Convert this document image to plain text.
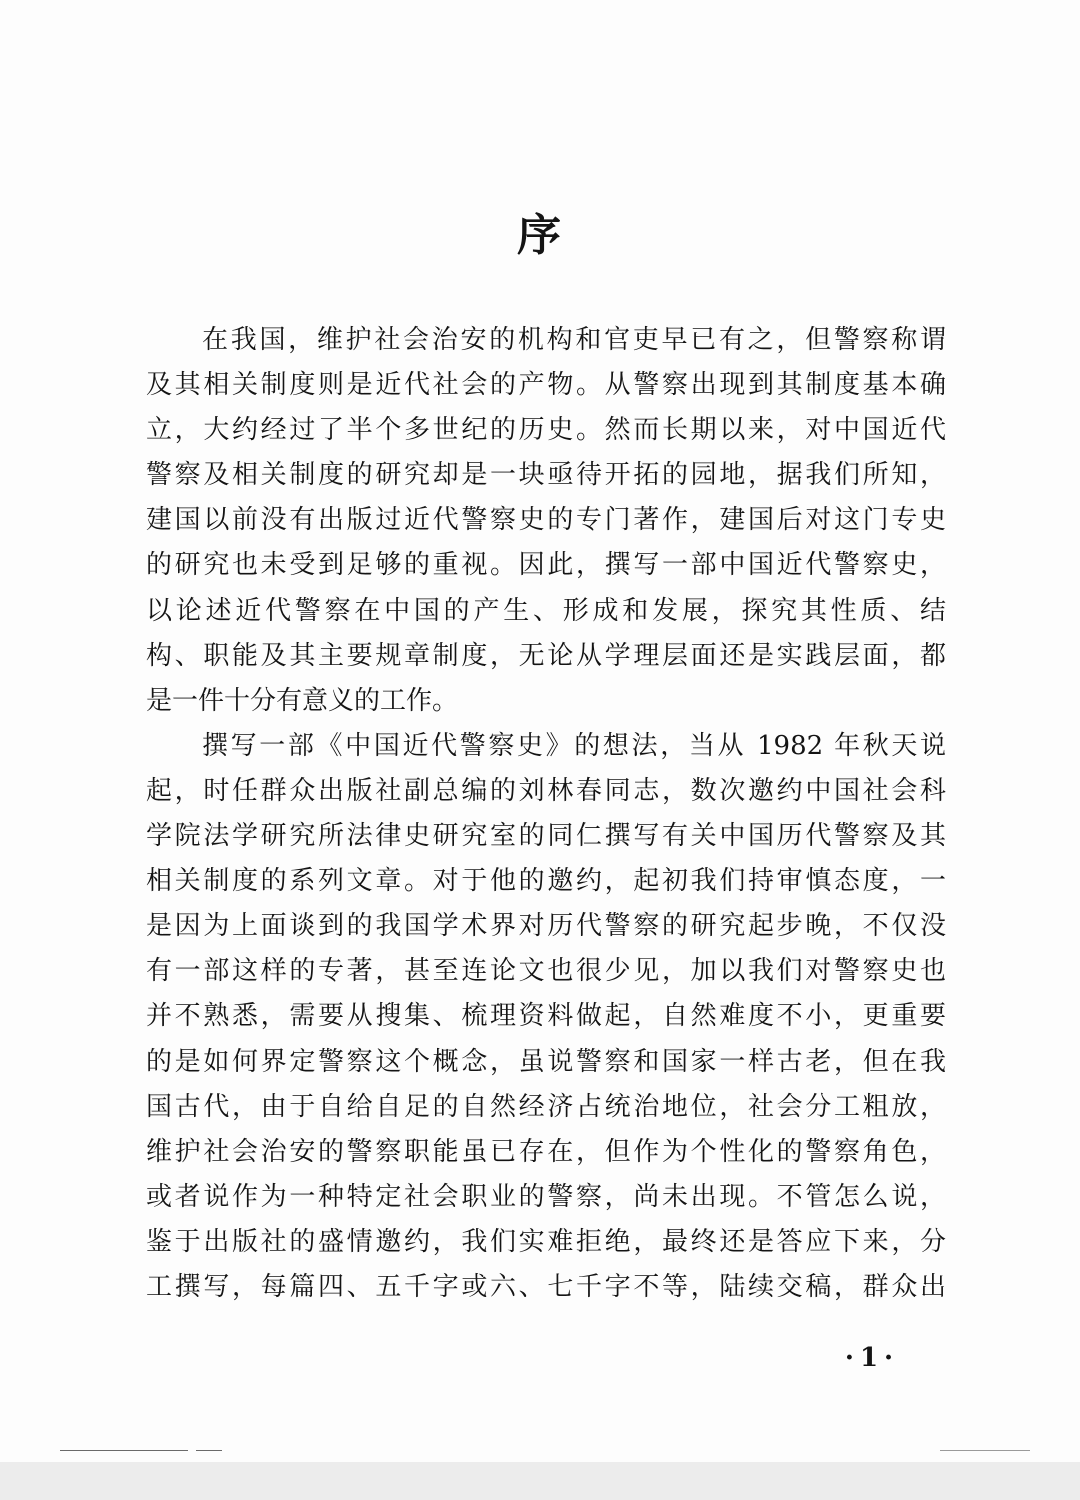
序
在我国，维护社会治安的机构和官吏早已有之，但警察称谓
及其相关制度则是近代社会的产物。从警察出现到其制度基本确
立，大约经过了半个多世纪的历史。然而长期以来，对中国近代
警察及相关制度的研究却是一块亟待开拓的园地，据我们所知，
建国以前没有出版过近代警察史的专门著作，建国后对这门专史
的研究也未受到足够的重视。因此，撰写一部中国近代警察史，
以论述近代警察在中国的产生、形成和发展，探究其性质、结
构、职能及其主要规章制度，无论从学理层面还是实践层面，都
是一件十分有意义的工作。
撰写一部《中国近代警察史》的想法，当从 1982 年秋天说
起，时任群众出版社副总编的刘林春同志，数次邀约中国社会科
学院法学研究所法律史研究室的同仁撰写有关中国历代警察及其
相关制度的系列文章。对于他的邀约，起初我们持审慎态度，一
是因为上面谈到的我国学术界对历代警察的研究起步晚，不仅没
有一部这样的专著，甚至连论文也很少见，加以我们对警察史也
并不熟悉，需要从搜集、梳理资料做起，自然难度不小，更重要
的是如何界定警察这个概念，虽说警察和国家一样古老，但在我
国古代，由于自给自足的自然经济占统治地位，社会分工粗放，
维护社会治安的警察职能虽已存在，但作为个性化的警察角色，
或者说作为一种特定社会职业的警察，尚未出现。不管怎么说，
鉴于出版社的盛情邀约，我们实难拒绝，最终还是答应下来，分
工撰写，每篇四、五千字或六、七千字不等，陆续交稿，群众出
·1·
